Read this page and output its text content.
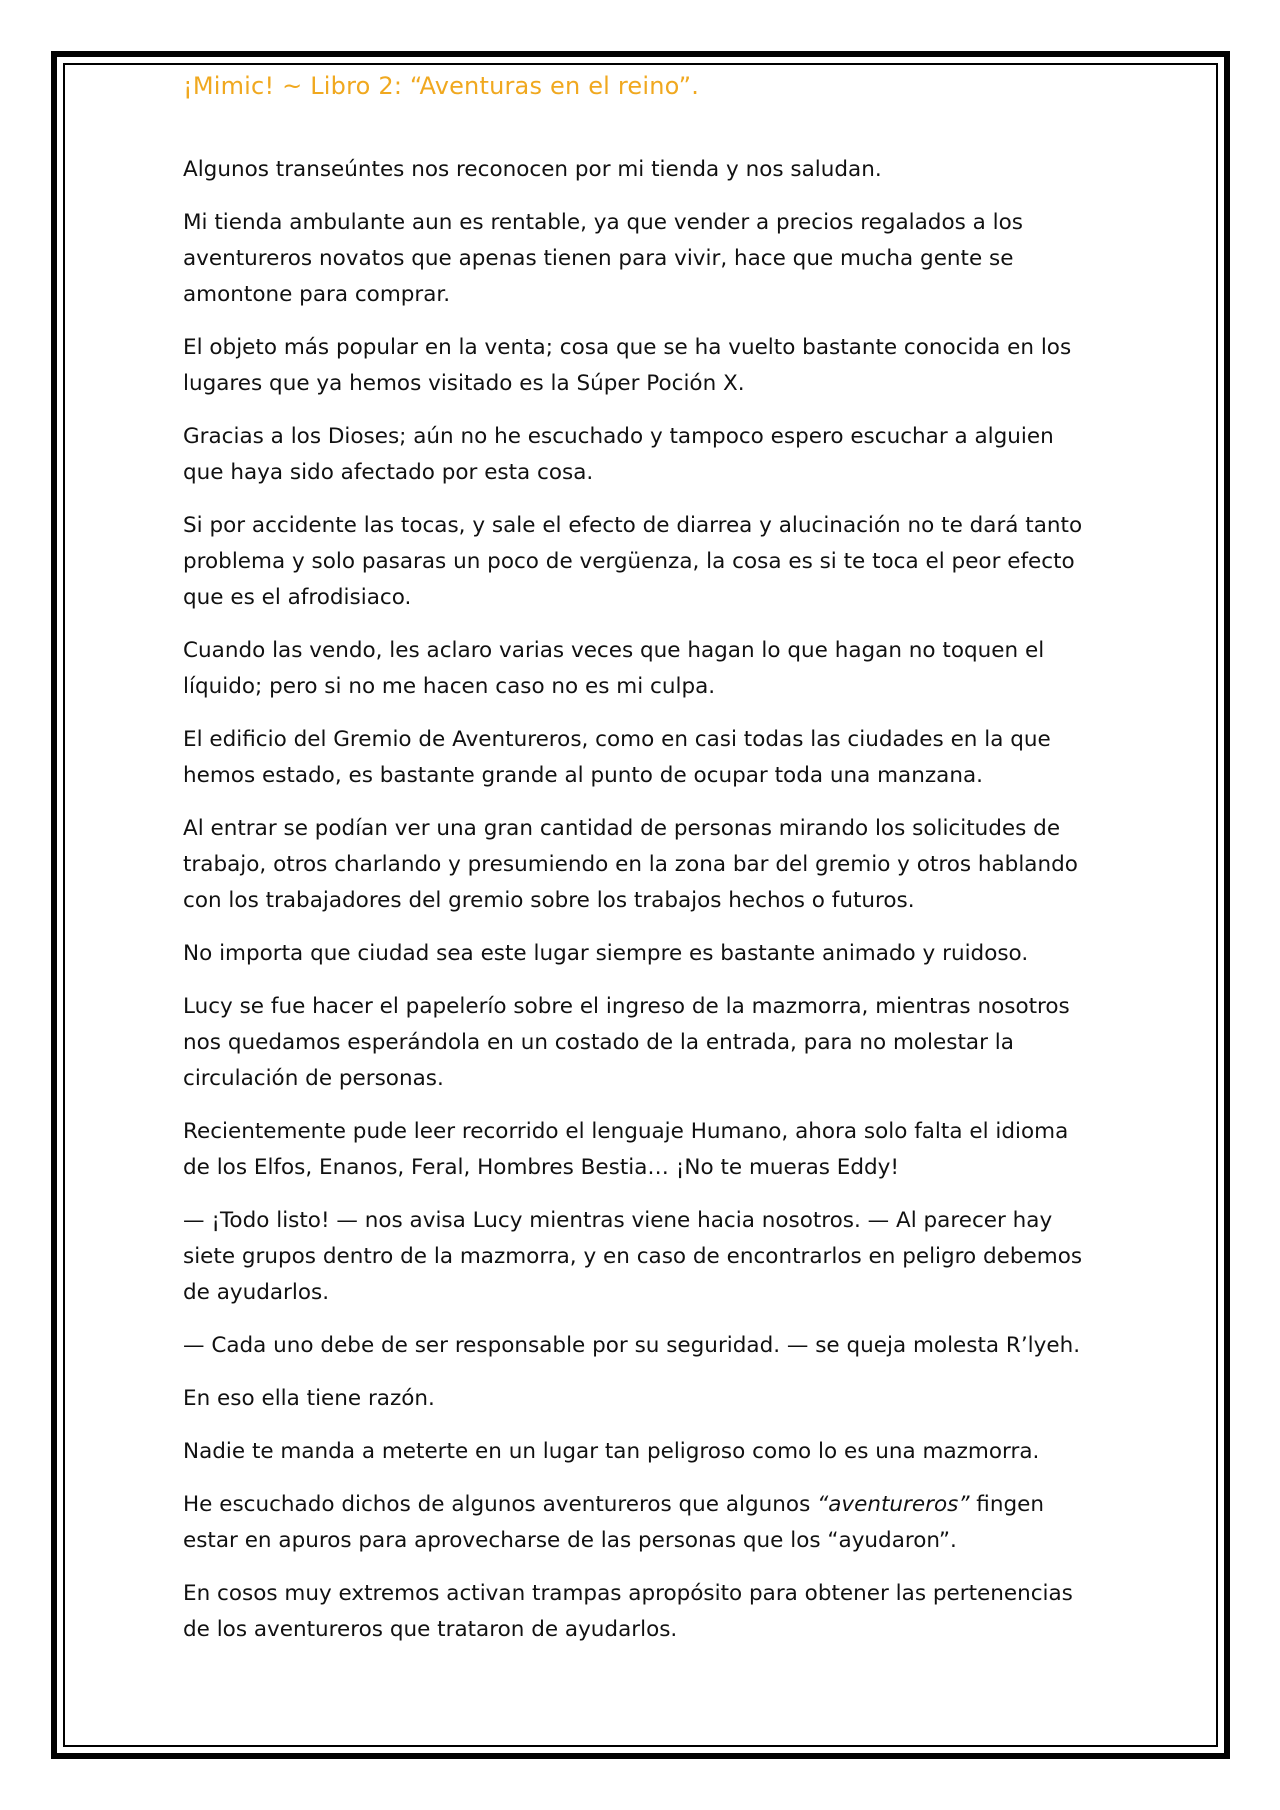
¡Mimic! ~ Libro 2: “Aventuras en el reino”.

Algunos transeúntes nos reconocen por mi tienda y nos saludan.

Mi tienda ambulante aun es rentable, ya que vender a precios regalados a los aventureros novatos que apenas tienen para vivir, hace que mucha gente se amontone para comprar.

El objeto más popular en la venta; cosa que se ha vuelto bastante conocida en los lugares que ya hemos visitado es la Súper Poción X.

Gracias a los Dioses; aún no he escuchado y tampoco espero escuchar a alguien que haya sido afectado por esta cosa.

Si por accidente las tocas, y sale el efecto de diarrea y alucinación no te dará tanto problema y solo pasaras un poco de vergüenza, la cosa es si te toca el peor efecto que es el afrodisiaco.

Cuando las vendo, les aclaro varias veces que hagan lo que hagan no toquen el líquido; pero si no me hacen caso no es mi culpa.

El edificio del Gremio de Aventureros, como en casi todas las ciudades en la que hemos estado, es bastante grande al punto de ocupar toda una manzana.

Al entrar se podían ver una gran cantidad de personas mirando los solicitudes de trabajo, otros charlando y presumiendo en la zona bar del gremio y otros hablando con los trabajadores del gremio sobre los trabajos hechos o futuros.

No importa que ciudad sea este lugar siempre es bastante animado y ruidoso.

Lucy se fue hacer el papelerío sobre el ingreso de la mazmorra, mientras nosotros nos quedamos esperándola en un costado de la entrada, para no molestar la circulación de personas.

Recientemente pude leer recorrido el lenguaje Humano, ahora solo falta el idioma de los Elfos, Enanos, Feral, Hombres Bestia… ¡No te mueras Eddy!

— ¡Todo listo! — nos avisa Lucy mientras viene hacia nosotros. — Al parecer hay siete grupos dentro de la mazmorra, y en caso de encontrarlos en peligro debemos de ayudarlos.

— Cada uno debe de ser responsable por su seguridad. — se queja molesta R’lyeh.

En eso ella tiene razón.

Nadie te manda a meterte en un lugar tan peligroso como lo es una mazmorra.

He escuchado dichos de algunos aventureros que algunos “aventureros” fingen estar en apuros para aprovecharse de las personas que los “ayudaron”.

En cosos muy extremos activan trampas apropósito para obtener las pertenencias de los aventureros que trataron de ayudarlos.
